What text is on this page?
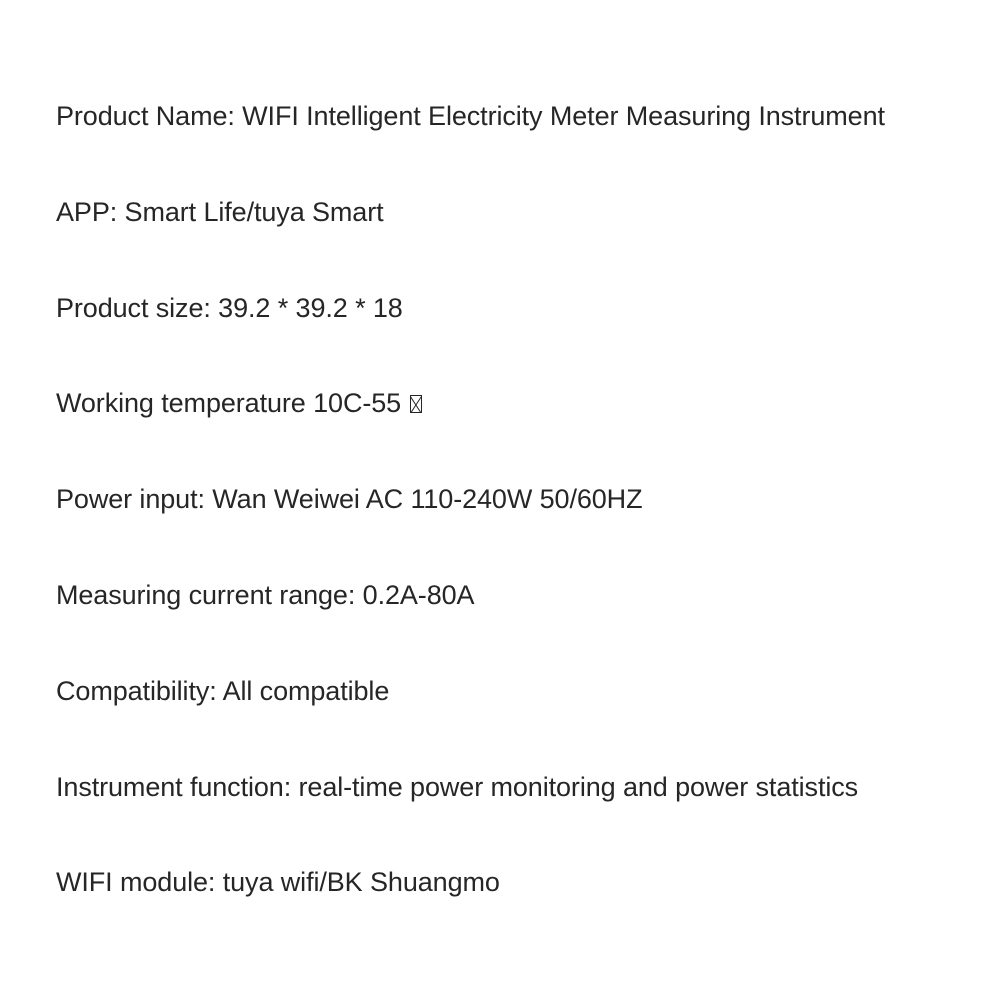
Product Name: WIFI Intelligent Electricity Meter Measuring Instrument
APP: Smart Life/tuya Smart
Product size: 39.2 * 39.2 * 18
Working temperature 10C-55
Power input: Wan Weiwei AC 110-240W 50/60HZ
Measuring current range: 0.2A-80A
Compatibility: All compatible
Instrument function: real-time power monitoring and power statistics
WIFI module: tuya wifi/BK Shuangmo
